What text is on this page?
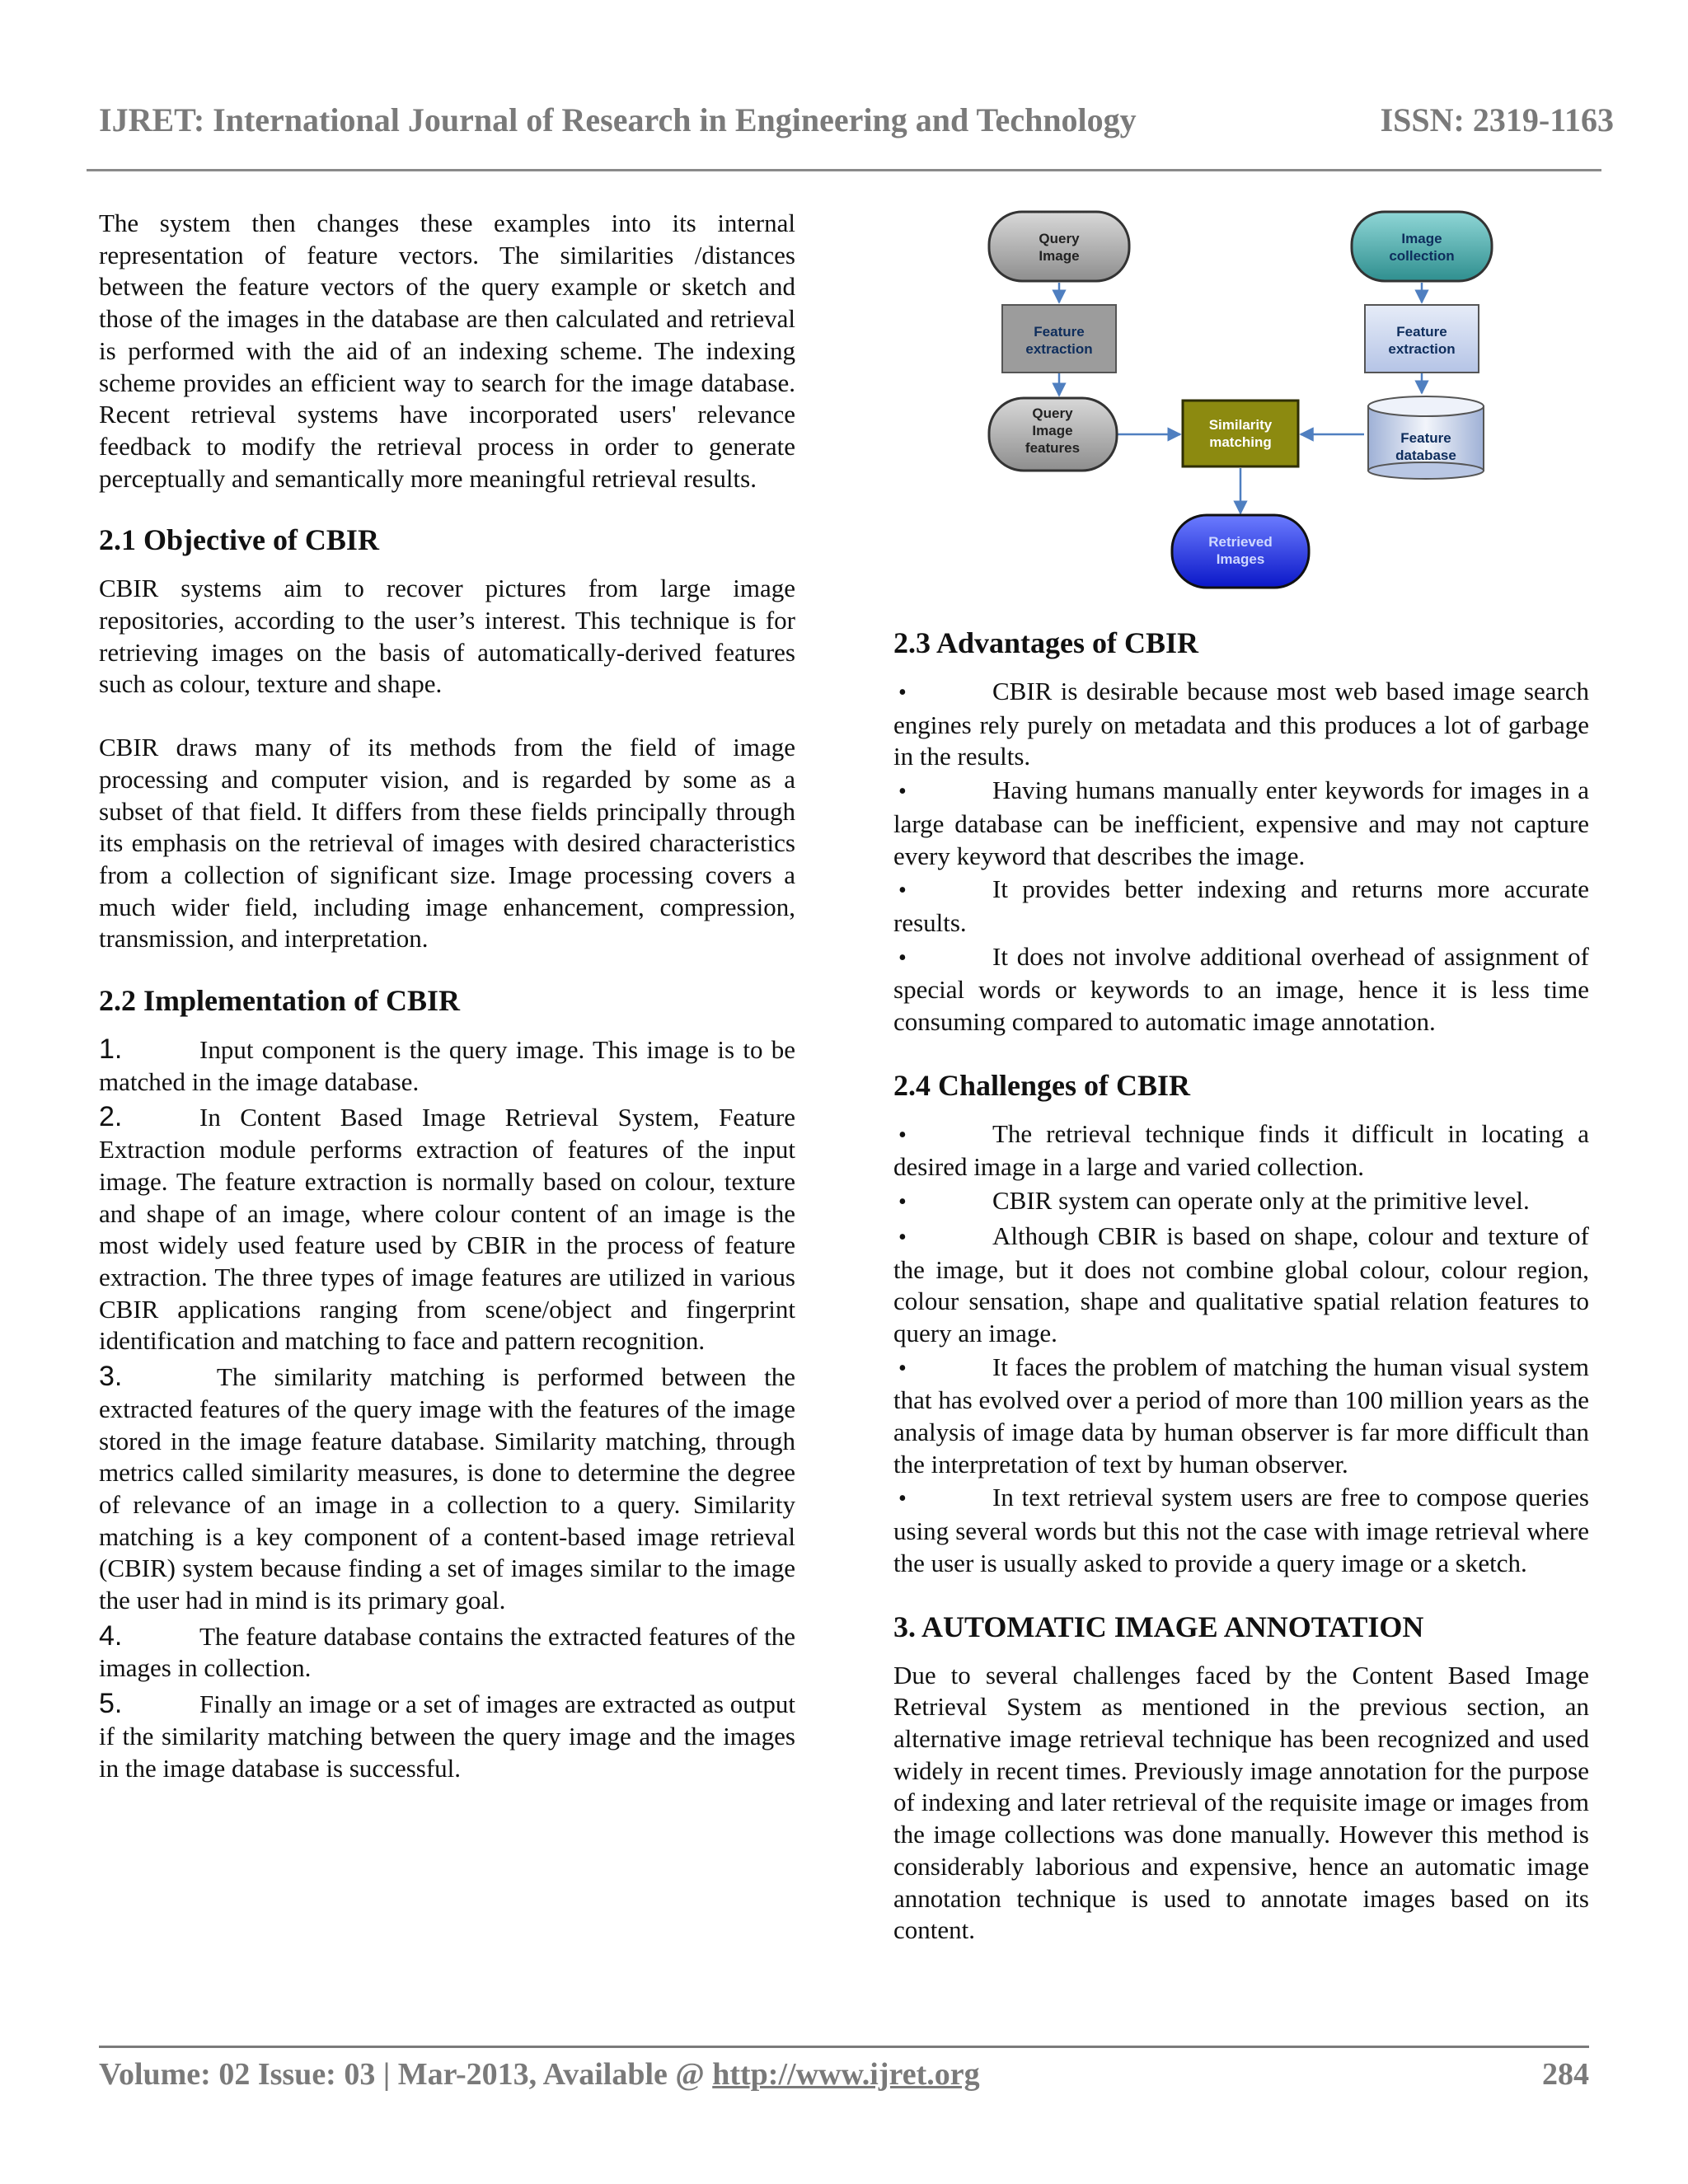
IJRET: International Journal of Research in Engineering and Technology	ISSN: 2319-1163

The system then changes these examples into its internal representation of feature vectors. The similarities /distances between the feature vectors of the query example or sketch and those of the images in the database are then calculated and retrieval is performed with the aid of an indexing scheme. The indexing scheme provides an efficient way to search for the image database. Recent retrieval systems have incorporated users' relevance feedback to modify the retrieval process in order to generate perceptually and semantically more meaningful retrieval results.

2.1 Objective of CBIR

CBIR systems aim to recover pictures from large image repositories, according to the user’s interest. This technique is for retrieving images on the basis of automatically-derived features such as colour, texture and shape.

CBIR draws many of its methods from the field of image processing and computer vision, and is regarded by some as a subset of that field. It differs from these fields principally through its emphasis on the retrieval of images with desired characteristics from a collection of significant size. Image processing covers a much wider field, including image enhancement, compression, transmission, and interpretation.

2.2 Implementation of CBIR
1.	Input component is the query image. This image is to be matched in the image database.
2.	In Content Based Image Retrieval System, Feature Extraction module performs extraction of features of the input image. The feature extraction is normally based on colour, texture and shape of an image, where colour content of an image is the most widely used feature used by CBIR in the process of feature extraction. The three types of image features are utilized in various CBIR applications ranging from scene/object and fingerprint identification and matching to face and pattern recognition.
3.	The similarity matching is performed between the extracted features of the query image with the features of the image stored in the image feature database. Similarity matching, through metrics called similarity measures, is done to determine the degree of relevance of an image in a collection to a query. Similarity matching is a key component of a content-based image retrieval (CBIR) system because finding a set of images similar to the image the user had in mind is its primary goal.
4.	The feature database contains the extracted features of the images in collection.
5.	Finally an image or a set of images are extracted as output if the similarity matching between the query image and the images in the image database is successful.
Query Image
Image collection
Feature extraction
Feature extraction
Query Image features
Similarity matching	Feature database
Retrieved Images
2.3 Advantages of CBIR
•	CBIR is desirable because most web based image search engines rely purely on metadata and this produces a lot of garbage in the results.
•	Having humans manually enter keywords for images in a large database can be inefficient, expensive and may not capture every keyword that describes the image.
•	It provides better indexing and returns more accurate results.
•	It does not involve additional overhead of assignment of special words or keywords to an image, hence it is less time consuming compared to automatic image annotation.
2.4 Challenges of CBIR
•	The retrieval technique finds it difficult in locating a desired image in a large and varied collection.
•	CBIR system can operate only at the primitive level.
•	Although CBIR is based on shape, colour and texture of the image, but it does not combine global colour, colour region, colour sensation, shape and qualitative spatial relation features to query an image.
•	It faces the problem of matching the human visual system that has evolved over a period of more than 100 million years as the analysis of image data by human observer is far more difficult than the interpretation of text by human observer.
•	In text retrieval system users are free to compose queries using several words but this not the case with image retrieval where the user is usually asked to provide a query image or a sketch.
3. AUTOMATIC IMAGE ANNOTATION

Due to several challenges faced by the Content Based Image Retrieval System as mentioned in the previous section, an alternative image retrieval technique has been recognized and used widely in recent times. Previously image annotation for the purpose of indexing and later retrieval of the requisite image or images from the image collections was done manually. However this method is considerably laborious and expensive, hence an automatic image annotation technique is used to annotate images based on its content.

Volume: 02 Issue: 03 | Mar-2013, Available @ http://www.ijret.org	284
